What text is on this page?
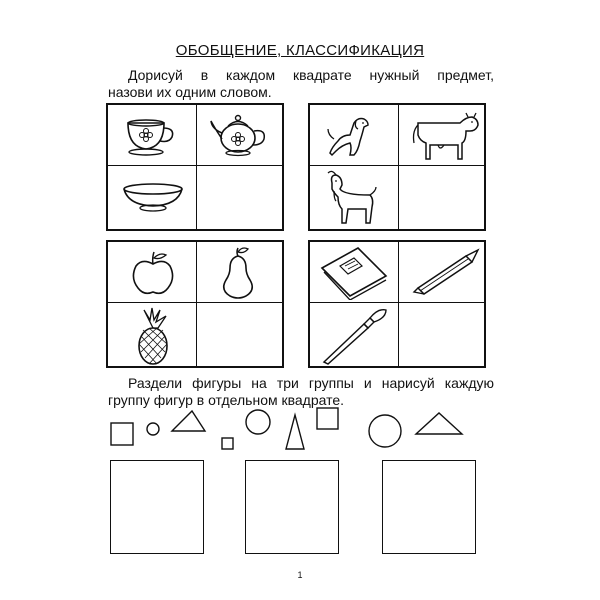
ОБОБЩЕНИЕ, КЛАССИФИКАЦИЯ
Дорисуй в каждом квадрате нужный предмет,
назови их одним словом.
Раздели фигуры на три группы и нарисуй каждую
группу фигур в отдельном квадрате.
1
